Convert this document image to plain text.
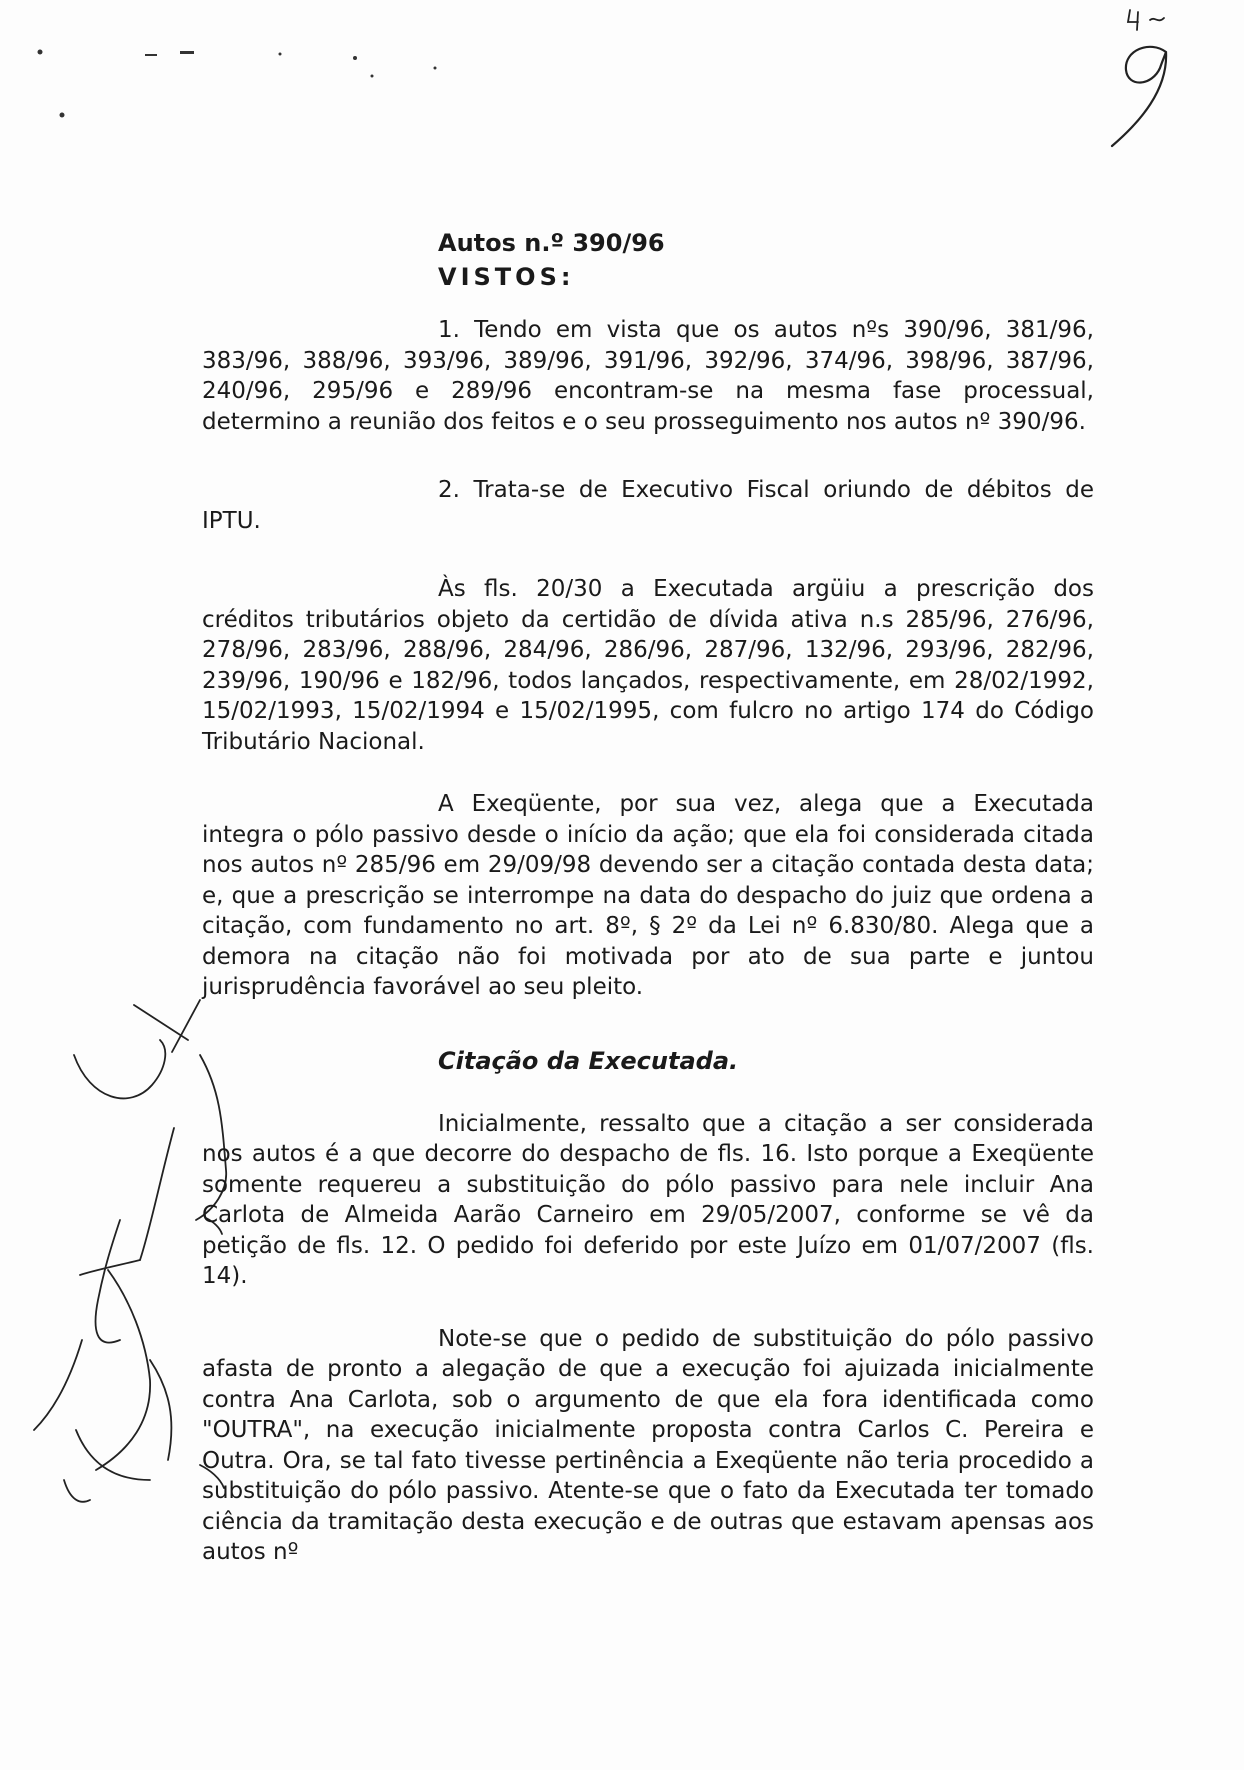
Autos n.º 390/96
VISTOS:

1. Tendo em vista que os autos nºs 390/96, 381/96, 383/96, 388/96, 393/96, 389/96, 391/96, 392/96, 374/96, 398/96, 387/96, 240/96, 295/96 e 289/96 encontram-se na mesma fase processual, determino a reunião dos feitos e o seu prosseguimento nos autos nº 390/96.

2. Trata-se de Executivo Fiscal oriundo de débitos de IPTU.

Às fls. 20/30 a Executada argüiu a prescrição dos créditos tributários objeto da certidão de dívida ativa n.s 285/96, 276/96, 278/96, 283/96, 288/96, 284/96, 286/96, 287/96, 132/96, 293/96, 282/96, 239/96, 190/96 e 182/96, todos lançados, respectivamente, em 28/02/1992, 15/02/1993, 15/02/1994 e 15/02/1995, com fulcro no artigo 174 do Código Tributário Nacional.

A Exeqüente, por sua vez, alega que a Executada integra o pólo passivo desde o início da ação; que ela foi considerada citada nos autos nº 285/96 em 29/09/98 devendo ser a citação contada desta data; e, que a prescrição se interrompe na data do despacho do juiz que ordena a citação, com fundamento no art. 8º, § 2º da Lei nº 6.830/80. Alega que a demora na citação não foi motivada por ato de sua parte e juntou jurisprudência favorável ao seu pleito.

Citação da Executada.

Inicialmente, ressalto que a citação a ser considerada nos autos é a que decorre do despacho de fls. 16. Isto porque a Exeqüente somente requereu a substituição do pólo passivo para nele incluir Ana Carlota de Almeida Aarão Carneiro em 29/05/2007, conforme se vê da petição de fls. 12. O pedido foi deferido por este Juízo em 01/07/2007 (fls. 14).

Note-se que o pedido de substituição do pólo passivo afasta de pronto a alegação de que a execução foi ajuizada inicialmente contra Ana Carlota, sob o argumento de que ela fora identificada como "OUTRA", na execução inicialmente proposta contra Carlos C. Pereira e Outra. Ora, se tal fato tivesse pertinência a Exeqüente não teria procedido a substituição do pólo passivo. Atente-se que o fato da Executada ter tomado ciência da tramitação desta execução e de outras que estavam apensas aos autos nº
